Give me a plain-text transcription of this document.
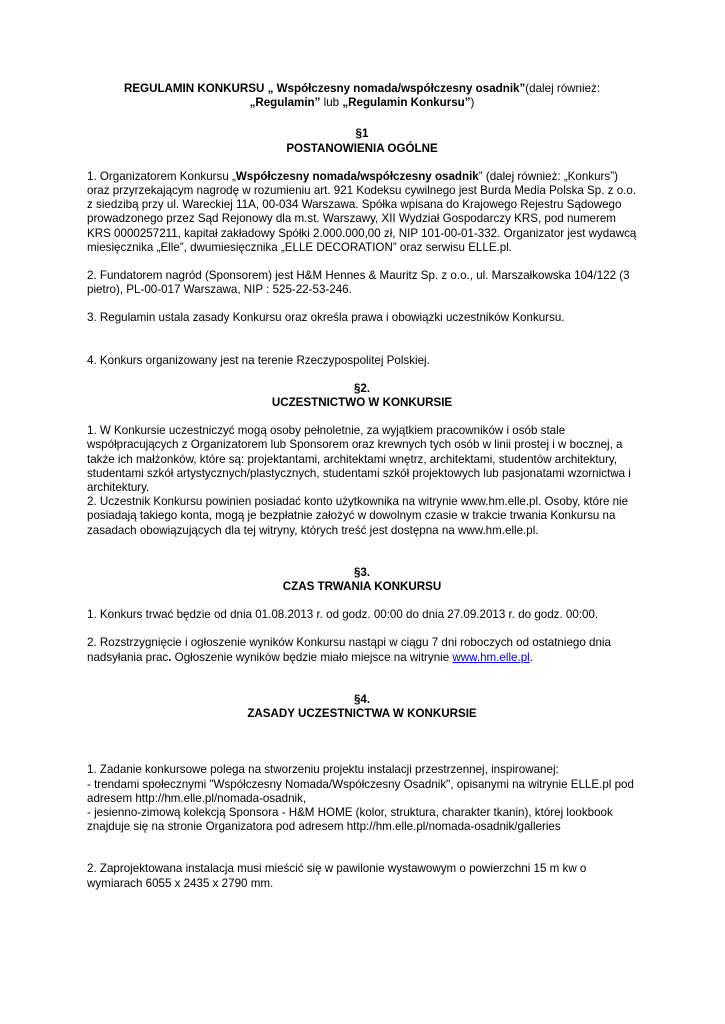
REGULAMIN KONKURSU „ Współczesny nomada/współczesny osadnik”(dalej również:
„Regulamin” lub „Regulamin Konkursu”)
§1
POSTANOWIENIA OGÓLNE

1. Organizatorem Konkursu „Współczesny nomada/współczesny osadnik” (dalej również: „Konkurs”) oraz przyrzekającym nagrodę w rozumieniu art. 921 Kodeksu cywilnego jest Burda Media Polska Sp. z o.o. z siedzibą przy ul. Wareckiej 11A, 00-034 Warszawa. Spółka wpisana do Krajowego Rejestru Sądowego prowadzonego przez Sąd Rejonowy dla m.st. Warszawy, XII Wydział Gospodarczy KRS, pod numerem KRS 0000257211, kapitał zakładowy Spółki 2.000.000,00 zł, NIP 101-00-01-332. Organizator jest wydawcą miesięcznika „Elle”, dwumiesięcznika „ELLE DECORATION” oraz serwisu ELLE.pl.

2. Fundatorem nagród (Sponsorem) jest H&M Hennes & Mauritz Sp. z o.o., ul. Marszałkowska 104/122 (3 pietro), PL-00-017 Warszawa, NIP : 525-22-53-246.

3. Regulamin ustala zasady Konkursu oraz określa prawa i obowiązki uczestników Konkursu.

4. Konkurs organizowany jest na terenie Rzeczypospolitej Polskiej.

§2.
UCZESTNICTWO W KONKURSIE

1. W Konkursie uczestniczyć mogą osoby pełnoletnie, za wyjątkiem pracowników i osób stale współpracujących z Organizatorem lub Sponsorem oraz krewnych tych osób w linii prostej i w bocznej, a także ich małżonków, które są: projektantami, architektami wnętrz, architektami, studentów architektury, studentami szkół artystycznych/plastycznych, studentami szkół projektowych lub pasjonatami wzornictwa i architektury.

2. Uczestnik Konkursu powinien posiadać konto użytkownika na witrynie www.hm.elle.pl. Osoby, które nie posiadają takiego konta, mogą je bezpłatnie założyć w dowolnym czasie w trakcie trwania Konkursu na zasadach obowiązujących dla tej witryny, których treść jest dostępna na www.hm.elle.pl.

§3.
CZAS TRWANIA KONKURSU

1. Konkurs trwać będzie od dnia 01.08.2013 r. od godz. 00:00 do dnia 27.09.2013 r. do godz. 00:00.

2. Rozstrzygnięcie i ogłoszenie wyników Konkursu nastąpi w ciągu 7 dni roboczych od ostatniego dnia nadsyłania prac. Ogłoszenie wyników będzie miało miejsce na witrynie www.hm.elle.pl.

§4.
ZASADY UCZESTNICTWA W KONKURSIE

1. Zadanie konkursowe polega na stworzeniu projektu instalacji przestrzennej, inspirowanej:

- trendami społecznymi "Współczesny Nomada/Współczesny Osadnik", opisanymi na witrynie ELLE.pl pod adresem http://hm.elle.pl/nomada-osadnik,

- jesienno-zimową kolekcją Sponsora - H&M HOME (kolor, struktura, charakter tkanin), której lookbook znajduje się na stronie Organizatora pod adresem http://hm.elle.pl/nomada-osadnik/galleries

2. Zaprojektowana instalacja musi mieścić się w pawilonie wystawowym o powierzchni 15 m kw o wymiarach 6055 x 2435 x 2790 mm.
